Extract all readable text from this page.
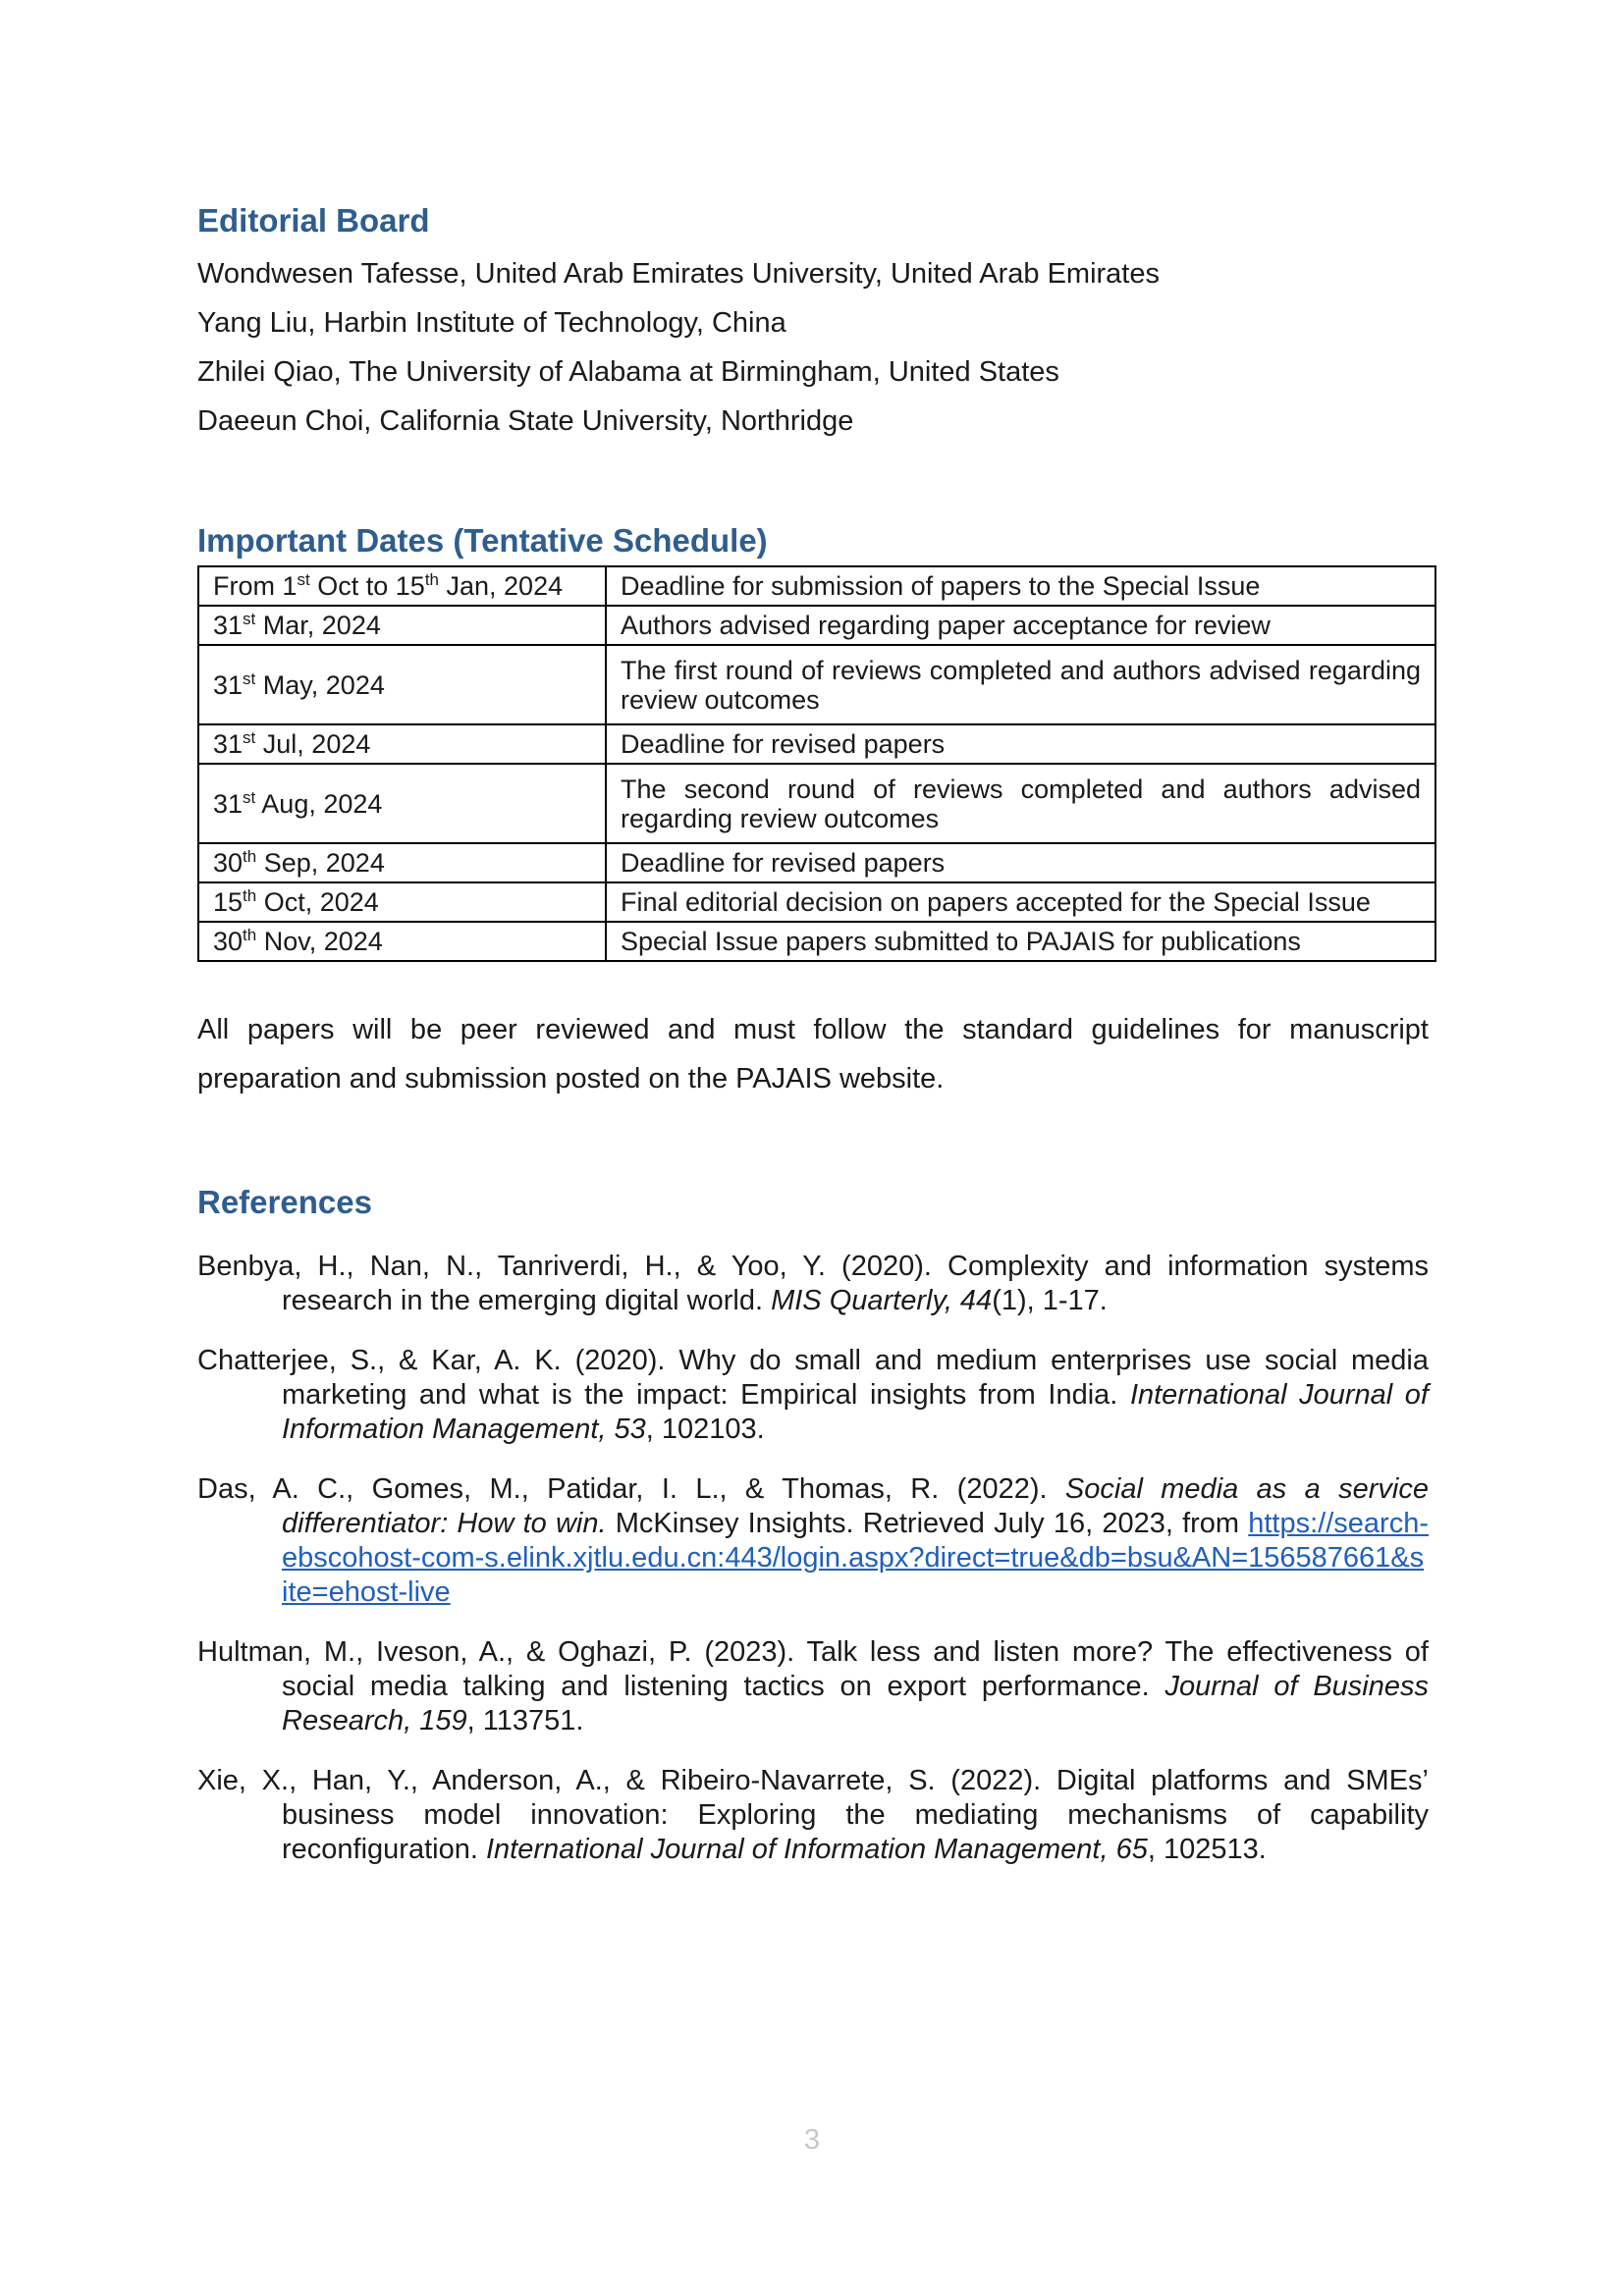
Editorial Board
Wondwesen Tafesse, United Arab Emirates University, United Arab Emirates
Yang Liu, Harbin Institute of Technology, China
Zhilei Qiao, The University of Alabama at Birmingham, United States
Daeeun Choi, California State University, Northridge
Important Dates (Tentative Schedule)
From 1st Oct to 15th Jan, 2024	Deadline for submission of papers to the Special Issue
31st Mar, 2024	Authors advised regarding paper acceptance for review
31st May, 2024	The first round of reviews completed and authors advised regarding review outcomes
31st Jul, 2024	Deadline for revised papers
31st Aug, 2024	The second round of reviews completed and authors advised regarding review outcomes
30th Sep, 2024	Deadline for revised papers
15th Oct, 2024	Final editorial decision on papers accepted for the Special Issue
30th Nov, 2024	Special Issue papers submitted to PAJAIS for publications

All papers will be peer reviewed and must follow the standard guidelines for manuscript preparation and submission posted on the PAJAIS website.

References
Benbya, H., Nan, N., Tanriverdi, H., & Yoo, Y. (2020). Complexity and information systems research in the emerging digital world. MIS Quarterly, 44(1), 1-17.
Chatterjee, S., & Kar, A. K. (2020). Why do small and medium enterprises use social media marketing and what is the impact: Empirical insights from India. International Journal of Information Management, 53, 102103.
Das, A. C., Gomes, M., Patidar, I. L., & Thomas, R. (2022). Social media as a service differentiator: How to win. McKinsey Insights. Retrieved July 16, 2023, from https://search-ebscohost-com-s.elink.xjtlu.edu.cn:443/login.aspx?direct=true&db=bsu&AN=156587661&site=ehost-live
Hultman, M., Iveson, A., & Oghazi, P. (2023). Talk less and listen more? The effectiveness of social media talking and listening tactics on export performance. Journal of Business Research, 159, 113751.
Xie, X., Han, Y., Anderson, A., & Ribeiro-Navarrete, S. (2022). Digital platforms and SMEs’ business model innovation: Exploring the mediating mechanisms of capability reconfiguration. International Journal of Information Management, 65, 102513.
3
